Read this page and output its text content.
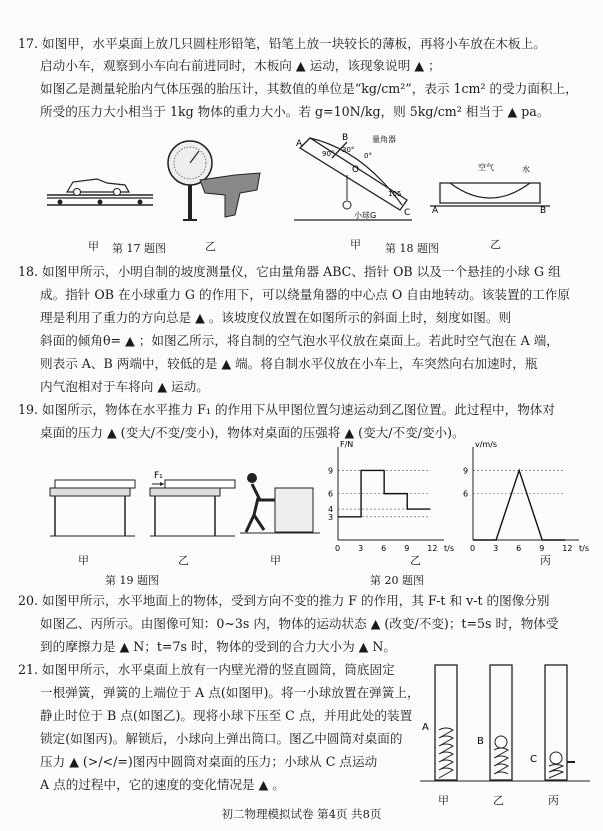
17. 如图甲，水平桌面上放几只圆柱形铅笔，铅笔上放一块较长的薄板，再将小车放在木板上。
启动小车，观察到小车向右前进同时，木板向 ▲ 运动，该现象说明 ▲ ；
如图乙是测量轮胎内气体压强的胎压计，其数值的单位是“kg/cm²”，表示 1cm² 的受力面积上，
所受的压力大小相当于 1kg 物体的重力大小。若 g=10N/kg，则 5kg/cm² 相当于 ▲ pa。
甲	乙
第 17 题图
A
B
C
O
90° 30°
0°
105
量角器
小球G
空气	水
A	B
甲	乙
第 18 题图
18. 如图甲所示，小明自制的坡度测量仪，它由量角器 ABC、指针 OB 以及一个悬挂的小球 G 组
成。指针 OB 在小球重力 G 的作用下，可以绕量角器的中心点 O 自由地转动。该装置的工作原
理是利用了重力的方向总是 ▲ 。该坡度仪放置在如图所示的斜面上时，刻度如图。则
斜面的倾角θ= ▲ ；如图乙所示，将自制的空气泡水平仪放在桌面上。若此时空气泡在 A 端，
则表示 A、B 两端中，较低的是 ▲ 端。将自制水平仪放在小车上，车突然向右加速时，瓶
内气泡相对于车将向 ▲ 运动。
19. 如图所示，物体在水平推力 F₁ 的作用下从甲图位置匀速运动到乙图位置。此过程中，物体对
桌面的压力 ▲ (变大/不变/变小)，物体对桌面的压强将 ▲ (变大/不变/变小)。
F₁
甲	乙
第 19 题图
甲
0 3 6 9 12
3
4
6
9
t/s
F/N
0 3 6 9 12
6
9
t/s
v/m/s
乙	丙
第 20 题图
20. 如图甲所示，水平地面上的物体，受到方向不变的推力 F 的作用，其 F-t 和 v-t 的图像分别
如图乙、丙所示。由图像可知：0~3s 内，物体的运动状态 ▲ (改变/不变)；t=5s 时，物体受
到的摩擦力是 ▲ N；t=7s 时，物体的受到的合力大小为 ▲ N。
21. 如图甲所示，水平桌面上放有一内壁光滑的竖直圆筒，筒底固定
一根弹簧，弹簧的上端位于 A 点(如图甲)。将一小球放置在弹簧上，
静止时位于 B 点(如图乙)。现将小球下压至 C 点，并用此处的装置
锁定(如图丙)。解锁后，小球向上弹出筒口。图乙中圆筒对桌面的
压力 ▲ (>/</=)图丙中圆筒对桌面的压力；小球从 C 点运动
A 点的过程中，它的速度的变化情况是 ▲ 。
A
B
C
甲	乙	丙
初二物理模拟试卷 第4页 共8页
